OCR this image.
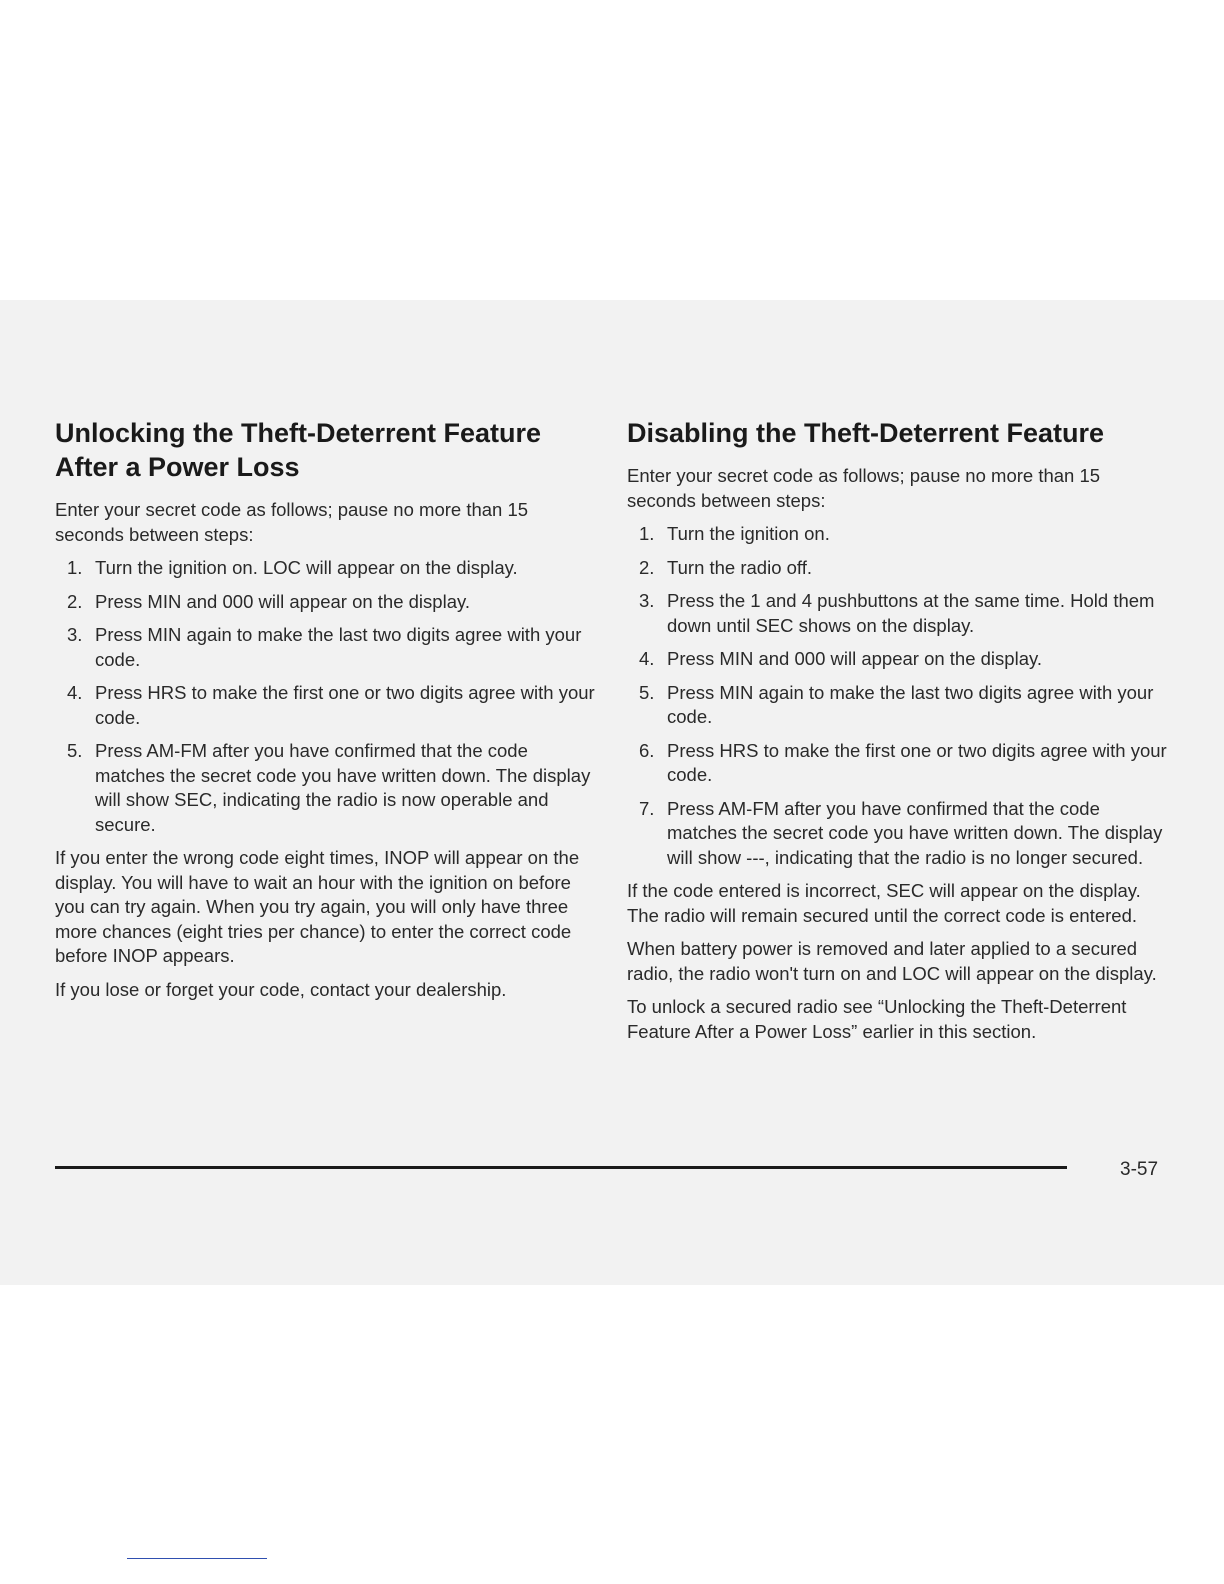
Unlocking the Theft-Deterrent Feature After a Power Loss

Enter your secret code as follows; pause no more than 15 seconds between steps:

1. Turn the ignition on. LOC will appear on the display.
2. Press MIN and 000 will appear on the display.
3. Press MIN again to make the last two digits agree with your code.
4. Press HRS to make the first one or two digits agree with your code.
5. Press AM-FM after you have confirmed that the code matches the secret code you have written down. The display will show SEC, indicating the radio is now operable and secure.

If you enter the wrong code eight times, INOP will appear on the display. You will have to wait an hour with the ignition on before you can try again. When you try again, you will only have three more chances (eight tries per chance) to enter the correct code before INOP appears.

If you lose or forget your code, contact your dealership.

Disabling the Theft-Deterrent Feature

Enter your secret code as follows; pause no more than 15 seconds between steps:

1. Turn the ignition on.
2. Turn the radio off.
3. Press the 1 and 4 pushbuttons at the same time. Hold them down until SEC shows on the display.
4. Press MIN and 000 will appear on the display.
5. Press MIN again to make the last two digits agree with your code.
6. Press HRS to make the first one or two digits agree with your code.
7. Press AM-FM after you have confirmed that the code matches the secret code you have written down. The display will show ---, indicating that the radio is no longer secured.

If the code entered is incorrect, SEC will appear on the display. The radio will remain secured until the correct code is entered.

When battery power is removed and later applied to a secured radio, the radio won't turn on and LOC will appear on the display.

To unlock a secured radio see “Unlocking the Theft-Deterrent Feature After a Power Loss” earlier in this section.

3-57
